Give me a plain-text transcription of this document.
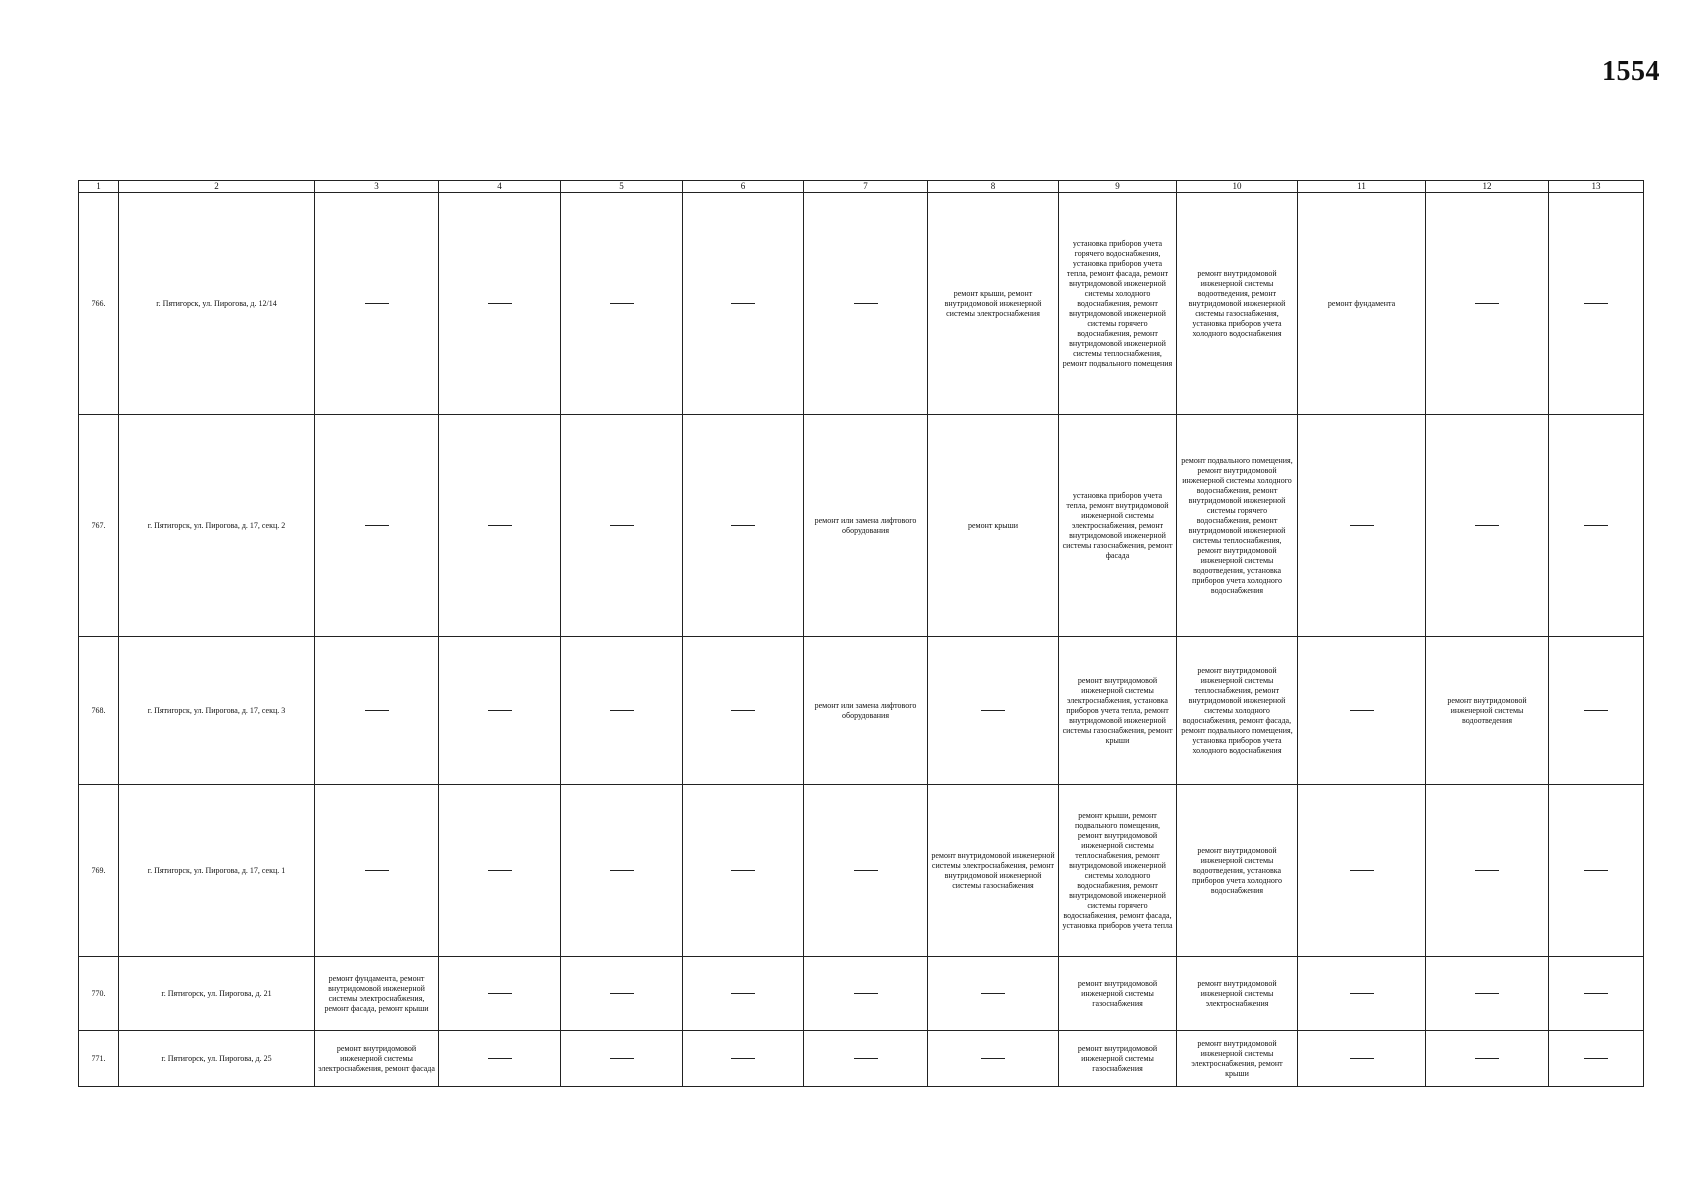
1554
1	2	3	4	5	6	7	8	9	10	11	12	13
766.	г. Пятигорск, ул. Пирогова, д. 12/14						ремонт крыши, ремонт внутридомовой инженерной системы электроснабжения	установка приборов учета горячего водоснабжения, установка приборов учета тепла, ремонт фасада, ремонт внутридомовой инженерной системы холодного водоснабжения, ремонт внутридомовой инженерной системы горячего водоснабжения, ремонт внутридомовой инженерной системы теплоснабжения, ремонт подвального помещения	ремонт внутридомовой инженерной системы водоотведения, ремонт внутридомовой инженерной системы газоснабжения, установка приборов учета холодного водоснабжения	ремонт фундамента		

767.	г. Пятигорск, ул. Пирогова, д. 17, секц. 2					ремонт или замена лифтового оборудования	ремонт крыши	установка приборов учета тепла, ремонт внутридомовой инженерной системы электроснабжения, ремонт внутридомовой инженерной системы газоснабжения, ремонт фасада	ремонт подвального помещения, ремонт внутридомовой инженерной системы холодного водоснабжения, ремонт внутридомовой инженерной системы горячего водоснабжения, ремонт внутридомовой инженерной системы теплоснабжения, ремонт внутридомовой инженерной системы водоотведения, установка приборов учета холодного водоснабжения			

768.	г. Пятигорск, ул. Пирогова, д. 17, секц. 3					ремонт или замена лифтового оборудования		ремонт внутридомовой инженерной системы электроснабжения, установка приборов учета тепла, ремонт внутридомовой инженерной системы газоснабжения, ремонт крыши	ремонт внутридомовой инженерной системы теплоснабжения, ремонт внутридомовой инженерной системы холодного водоснабжения, ремонт фасада, ремонт подвального помещения, установка приборов учета холодного водоснабжения		ремонт внутридомовой инженерной системы водоотведения	

769.	г. Пятигорск, ул. Пирогова, д. 17, секц. 1						ремонт внутридомовой инженерной системы электроснабжения, ремонт внутридомовой инженерной системы газоснабжения	ремонт крыши, ремонт подвального помещения, ремонт внутридомовой инженерной системы теплоснабжения, ремонт внутридомовой инженерной системы холодного водоснабжения, ремонт внутридомовой инженерной системы горячего водоснабжения, ремонт фасада, установка приборов учета тепла	ремонт внутридомовой инженерной системы водоотведения, установка приборов учета холодного водоснабжения			

770.	г. Пятигорск, ул. Пирогова, д. 21	ремонт фундамента, ремонт внутридомовой инженерной системы электроснабжения, ремонт фасада, ремонт крыши						ремонт внутридомовой инженерной системы газоснабжения	ремонт внутридомовой инженерной системы электроснабжения			

771.	г. Пятигорск, ул. Пирогова, д. 25	ремонт внутридомовой инженерной системы электроснабжения, ремонт фасада						ремонт внутридомовой инженерной системы газоснабжения	ремонт внутридомовой инженерной системы электроснабжения, ремонт крыши			
